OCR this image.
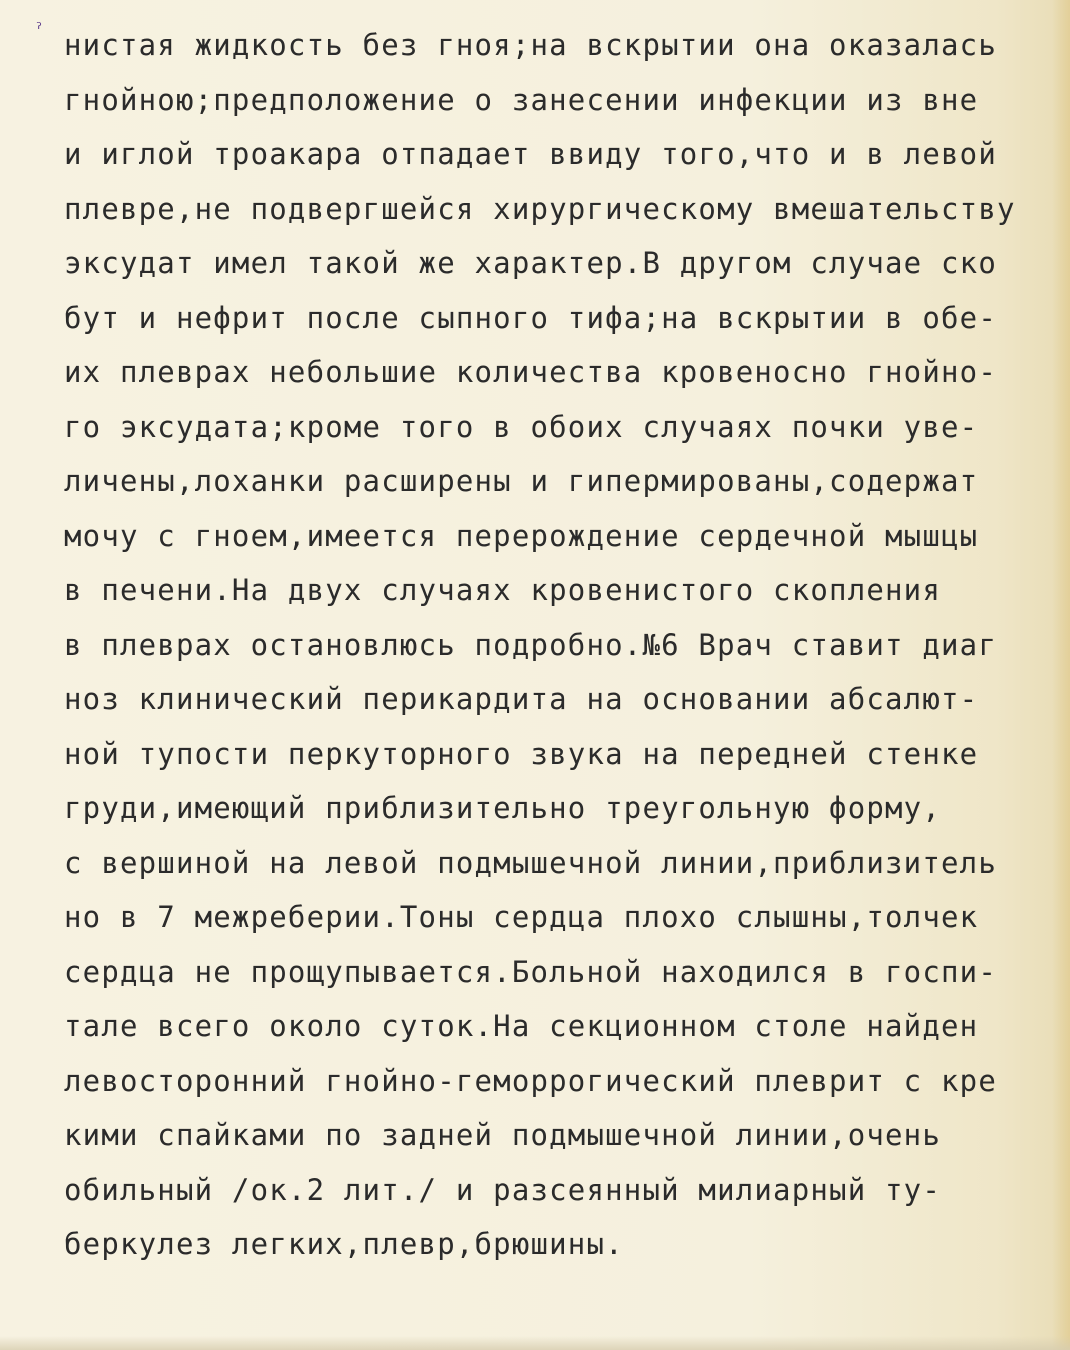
ˀ нистая жидкость без гноя;на вскрытии она оказалась
гнойною;предположение о занесении инфекции из вне
и иглой троакара отпадает ввиду того,что и в левой
плевре,не подвергшейся хирургическому вмешательству
эксудат имел такой же характер.В другом случае ско
бут и нефрит после сыпного тифа;на вскрытии в обе-
их плеврах небольшие количества кровеносно гнойно-
го эксудата;кроме того в обоих случаях почки уве-
личены,лоханки расширены и гипермированы,содержат
мочу с гноем,имеется перерождение сердечной мышцы
в печени.На двух случаях кровенистого скопления
в плеврах остановлюсь подробно.№6 Врач ставит диаг
ноз клинический перикардита на основании абсалют-
ной тупости перкуторного звука на передней стенке
груди,имеющий приблизительно треугольную форму,
с вершиной на левой подмышечной линии,приблизитель
но в 7 межреберии.Тоны сердца плохо слышны,толчек
сердца не прощупывается.Больной находился в госпи-
тале всего около суток.На секционном столе найден
левосторонний гнойно-геморрогический плеврит с кре
кими спайками по задней подмышечной линии,очень
обильный /ок.2 лит./ и разсеянный милиарный ту-
беркулез легких,плевр,брюшины.
